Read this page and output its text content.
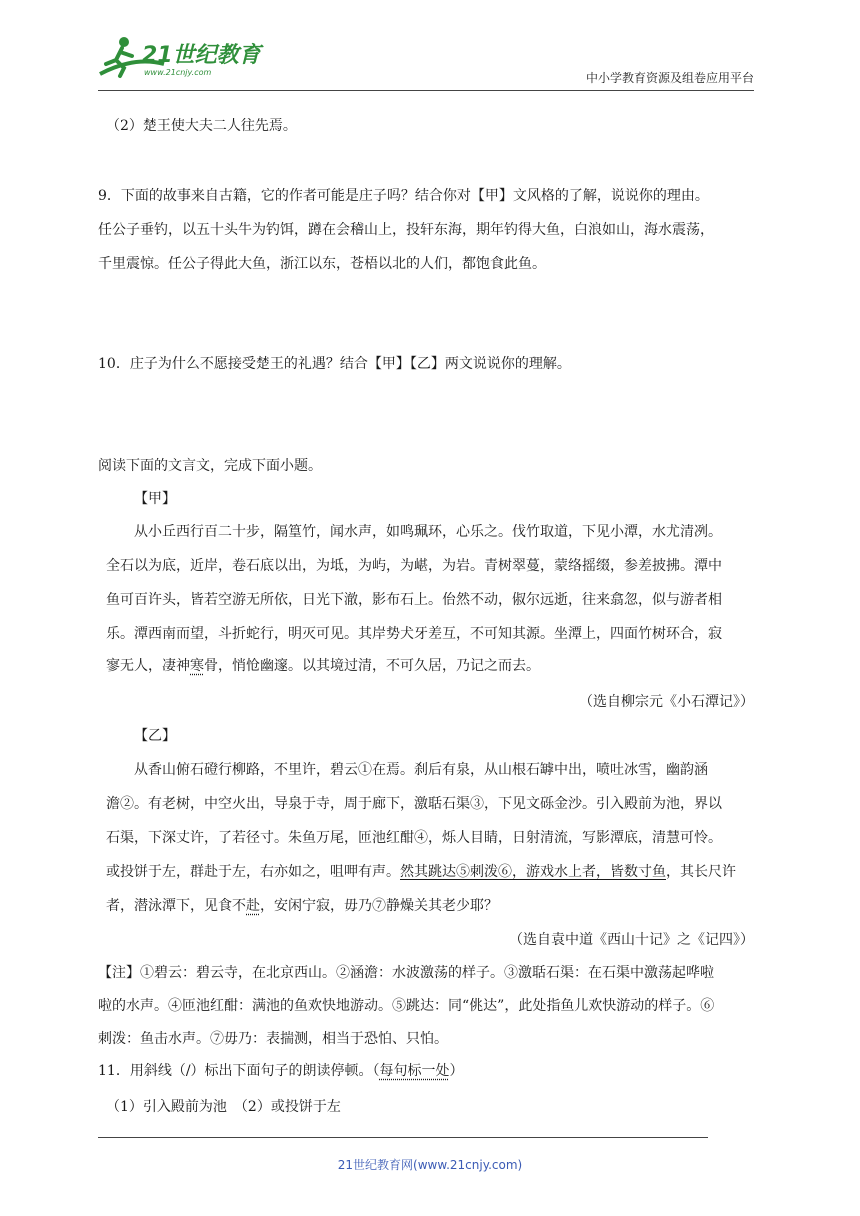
21世纪教育
www.21cnjy.com	中小学教育资源及组卷应用平台
（2）楚王使大夫二人往先焉。
9．下面的故事来自古籍，它的作者可能是庄子吗？结合你对【甲】文风格的了解，说说你的理由。
任公子垂钓，以五十头牛为钓饵，蹲在会稽山上，投轩东海，期年钓得大鱼，白浪如山，海水震荡，
千里震惊。任公子得此大鱼，浙江以东，苍梧以北的人们，都饱食此鱼。
10．庄子为什么不愿接受楚王的礼遇？结合【甲】【乙】两文说说你的理解。
阅读下面的文言文，完成下面小题。
【甲】
从小丘西行百二十步，隔篁竹，闻水声，如鸣珮环，心乐之。伐竹取道，下见小潭，水尤清冽。
全石以为底，近岸，卷石底以出，为坻，为屿，为嵁，为岩。青树翠蔓，蒙络摇缀，参差披拂。潭中
鱼可百许头，皆若空游无所依，日光下澈，影布石上。佁然不动，俶尔远逝，往来翕忽，似与游者相
乐。潭西南而望，斗折蛇行，明灭可见。其岸势犬牙差互，不可知其源。坐潭上，四面竹树环合，寂
寥无人，凄神寒骨，悄怆幽邃。以其境过清，不可久居，乃记之而去。
（选自柳宗元《小石潭记》）
【乙】
从香山俯石磴行柳路，不里许，碧云①在焉。刹后有泉，从山根石罅中出，喷吐冰雪，幽韵涵
澹②。有老树，中空火出，导泉于寺，周于廊下，激聒石渠③，下见文砾金沙。引入殿前为池，界以
石渠，下深丈许，了若径寸。朱鱼万尾，匝池红酣④，烁人目睛，日射清流，写影潭底，清慧可怜。
或投饼于左，群赴于左，右亦如之，咀呷有声。然其跳达⑤刺泼⑥，游戏水上者，皆数寸鱼，其长尺许
者，潜泳潭下，见食不赴，安闲宁寂，毋乃⑦静燥关其老少耶？
（选自袁中道《西山十记》之《记四》）
【注】①碧云：碧云寺，在北京西山。②涵澹：水波激荡的样子。③激聒石渠：在石渠中激荡起哗啦
啦的水声。④匝池红酣：满池的鱼欢快地游动。⑤跳达：同“佻达”，此处指鱼儿欢快游动的样子。⑥
刺泼：鱼击水声。⑦毋乃：表揣测，相当于恐怕、只怕。
11．用斜线（/）标出下面句子的朗读停顿。（每句标一处）
（1）引入殿前为池　（2）或投饼于左
21世纪教育网(www.21cnjy.com)
